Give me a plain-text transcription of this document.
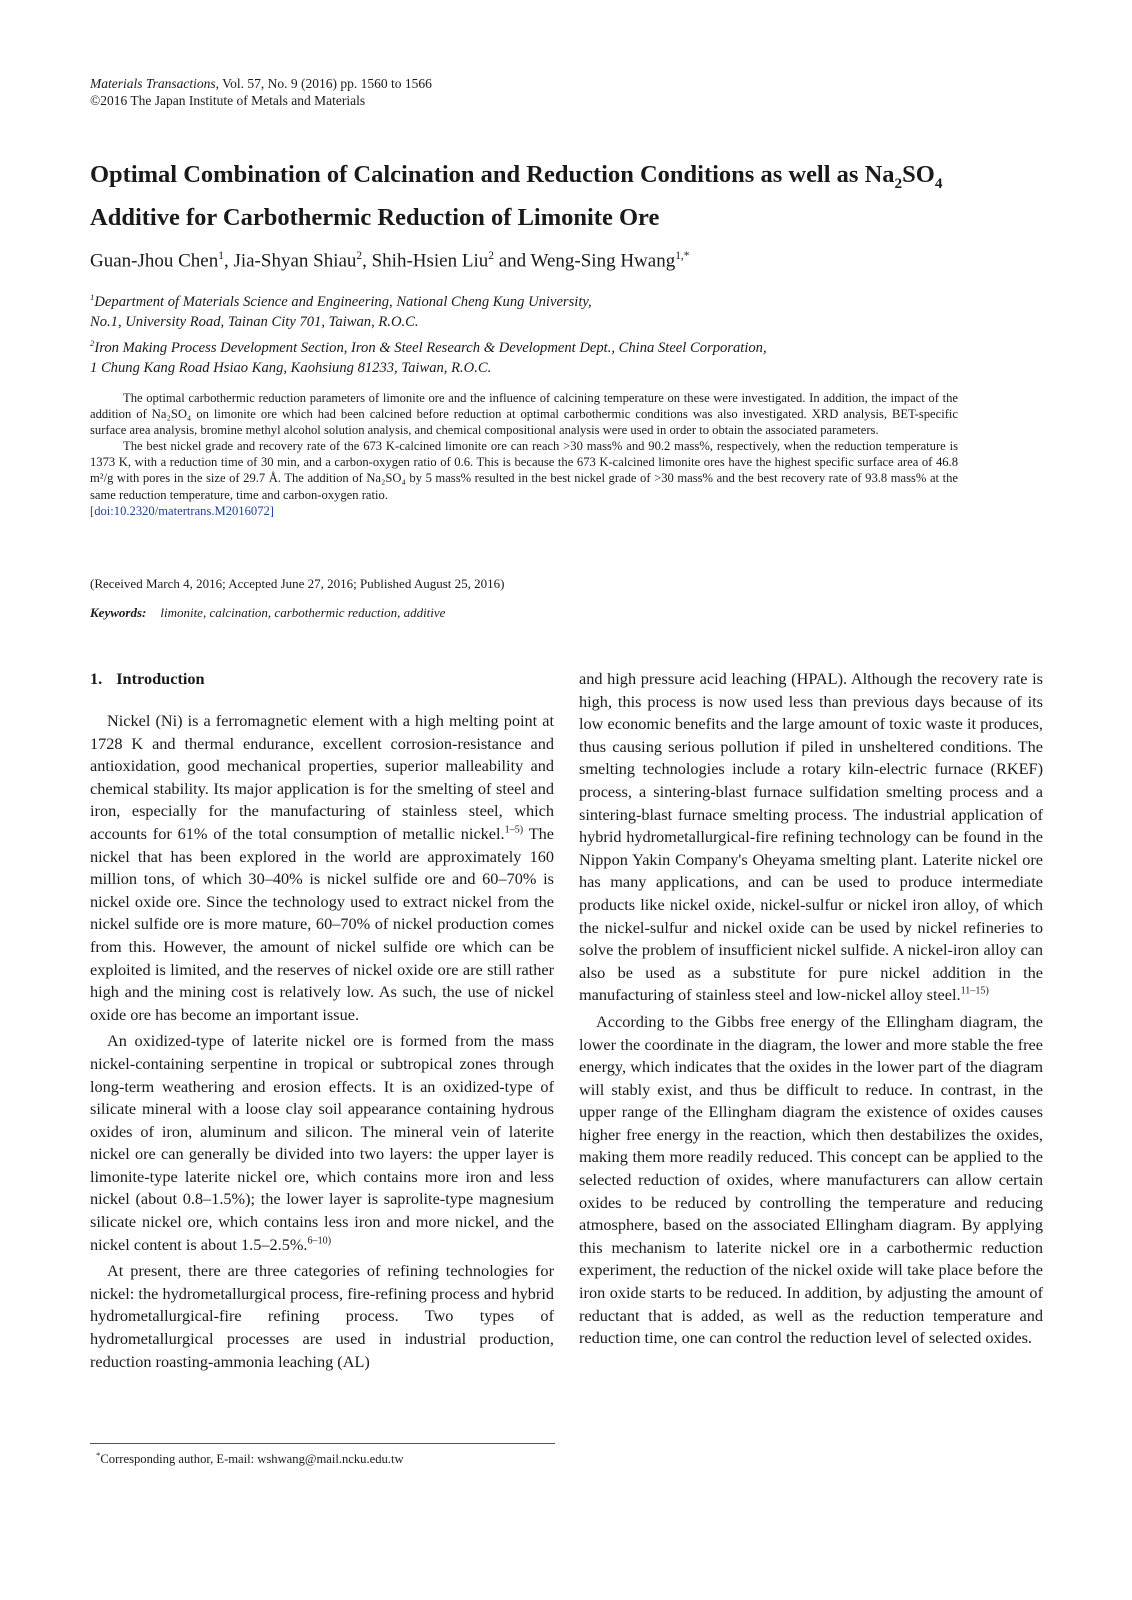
Materials Transactions, Vol. 57, No. 9 (2016) pp. 1560 to 1566
©2016 The Japan Institute of Metals and Materials
Optimal Combination of Calcination and Reduction Conditions as well as $Na_2SO_4$
Additive for Carbothermic Reduction of Limonite Ore
Guan-Jhou Chen$^1$, Jia-Shyan Shiau$^2$, Shih-Hsien Liu$^2$ and Weng-Sing Hwang$^{1,*}$
$^1$Department of Materials Science and Engineering, National Cheng Kung University,
No.1, University Road, Tainan City 701, Taiwan, R.O.C.
$^2$Iron Making Process Development Section, Iron & Steel Research & Development Dept., China Steel Corporation,
1 Chung Kang Road Hsiao Kang, Kaohsiung 81233, Taiwan, R.O.C.

The optimal carbothermic reduction parameters of limonite ore and the influence of calcining temperature on these were investigated. In addition, the impact of the addition of Na₂SO₄ on limonite ore which had been calcined before reduction at optimal carbothermic conditions was also investigated. XRD analysis, BET-specific surface area analysis, bromine methyl alcohol solution analysis, and chemical compositional analysis were used in order to obtain the associated parameters.

The best nickel grade and recovery rate of the 673 K-calcined limonite ore can reach >30 mass% and 90.2 mass%, respectively, when the reduction temperature is 1373 K, with a reduction time of 30 min, and a carbon-oxygen ratio of 0.6. This is because the 673 K-calcined limonite ores have the highest specific surface area of 46.8 m²/g with pores in the size of 29.7 Å. The addition of Na₂SO₄ by 5 mass% resulted in the best nickel grade of >30 mass% and the best recovery rate of 93.8 mass% at the same reduction temperature, time and carbon-oxygen ratio.

[doi:10.2320/matertrans.M2016072]

(Received March 4, 2016; Accepted June 27, 2016; Published August 25, 2016)
Keywords: limonite, calcination, carbothermic reduction, additive
1. Introduction

Nickel (Ni) is a ferromagnetic element with a high melting point at 1728 K and thermal endurance, excellent corrosion-resistance and antioxidation, good mechanical properties, superior malleability and chemical stability. Its major application is for the smelting of steel and iron, especially for the manufacturing of stainless steel, which accounts for 61% of the total consumption of metallic nickel.$^{1-5)}$ The nickel that has been explored in the world are approximately 160 million tons, of which 30–40% is nickel sulfide ore and 60–70% is nickel oxide ore. Since the technology used to extract nickel from the nickel sulfide ore is more mature, 60–70% of nickel production comes from this. However, the amount of nickel sulfide ore which can be exploited is limited, and the reserves of nickel oxide ore are still rather high and the mining cost is relatively low. As such, the use of nickel oxide ore has become an important issue.

An oxidized-type of laterite nickel ore is formed from the mass nickel-containing serpentine in tropical or subtropical zones through long-term weathering and erosion effects. It is an oxidized-type of silicate mineral with a loose clay soil appearance containing hydrous oxides of iron, aluminum and silicon. The mineral vein of laterite nickel ore can generally be divided into two layers: the upper layer is limonite-type laterite nickel ore, which contains more iron and less nickel (about 0.8–1.5%); the lower layer is saprolite-type magnesium silicate nickel ore, which contains less iron and more nickel, and the nickel content is about 1.5–2.5%.$^{6-10)}$

At present, there are three categories of refining technologies for nickel: the hydrometallurgical process, fire-refining process and hybrid hydrometallurgical-fire refining process. Two types of hydrometallurgical processes are used in industrial production, reduction roasting-ammonia leaching (AL)

and high pressure acid leaching (HPAL). Although the recovery rate is high, this process is now used less than previous days because of its low economic benefits and the large amount of toxic waste it produces, thus causing serious pollution if piled in unsheltered conditions. The smelting technologies include a rotary kiln-electric furnace (RKEF) process, a sintering-blast furnace sulfidation smelting process and a sintering-blast furnace smelting process. The industrial application of hybrid hydrometallurgical-fire refining technology can be found in the Nippon Yakin Company's Oheyama smelting plant. Laterite nickel ore has many applications, and can be used to produce intermediate products like nickel oxide, nickel-sulfur or nickel iron alloy, of which the nickel-sulfur and nickel oxide can be used by nickel refineries to solve the problem of insufficient nickel sulfide. A nickel-iron alloy can also be used as a substitute for pure nickel addition in the manufacturing of stainless steel and low-nickel alloy steel.$^{11-15)}$

According to the Gibbs free energy of the Ellingham diagram, the lower the coordinate in the diagram, the lower and more stable the free energy, which indicates that the oxides in the lower part of the diagram will stably exist, and thus be difficult to reduce. In contrast, in the upper range of the Ellingham diagram the existence of oxides causes higher free energy in the reaction, which then destabilizes the oxides, making them more readily reduced. This concept can be applied to the selected reduction of oxides, where manufacturers can allow certain oxides to be reduced by controlling the temperature and reducing atmosphere, based on the associated Ellingham diagram. By applying this mechanism to laterite nickel ore in a carbothermic reduction experiment, the reduction of the nickel oxide will take place before the iron oxide starts to be reduced. In addition, by adjusting the amount of reductant that is added, as well as the reduction temperature and reduction time, one can control the reduction level of selected oxides.

*Corresponding author, E-mail: wshwang@mail.ncku.edu.tw
